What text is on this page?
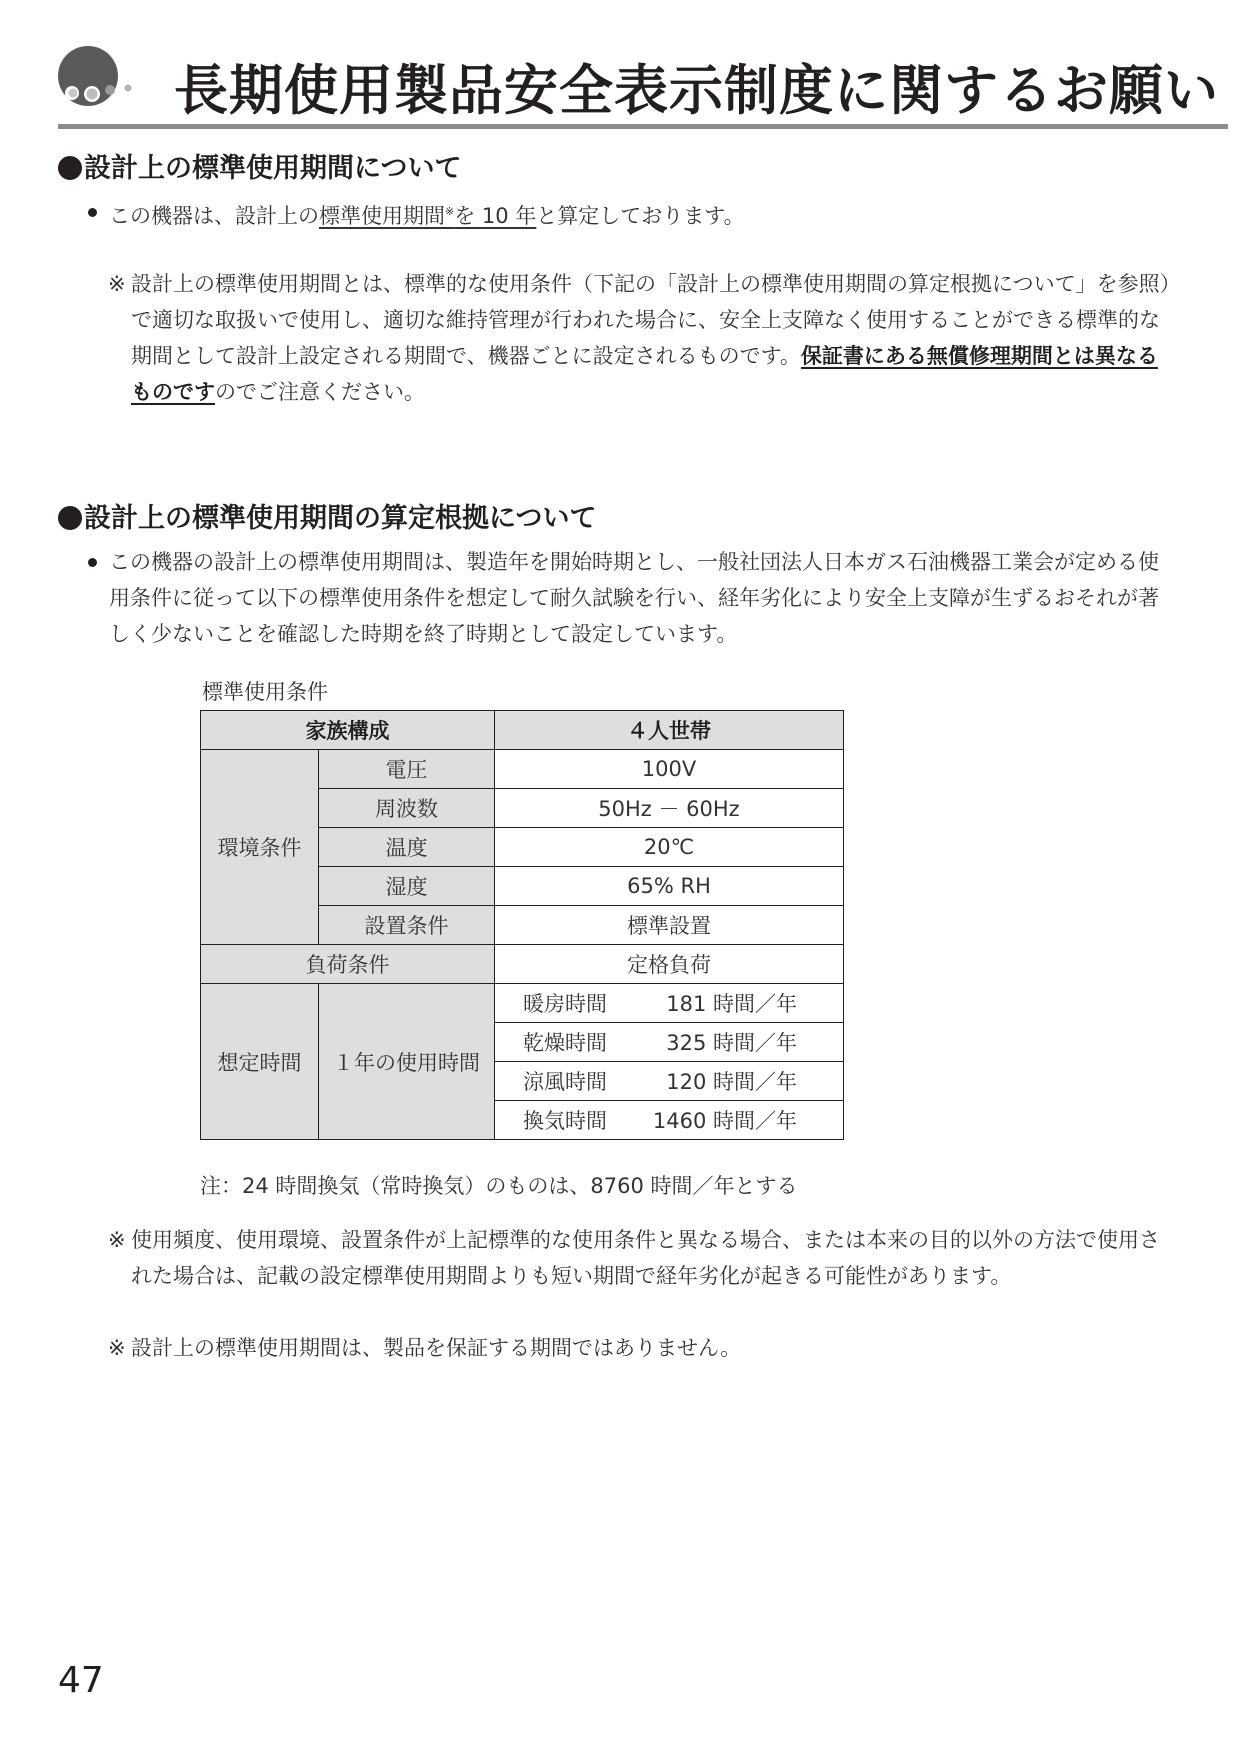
長期使用製品安全表示制度に関するお願い
設計上の標準使用期間について
この機器は、設計上の標準使用期間※を 10 年と算定しております。
※ 設計上の標準使用期間とは、標準的な使用条件（下記の「設計上の標準使用期間の算定根拠について」を参照）で適切な取扱いで使用し、適切な維持管理が行われた場合に、安全上支障なく使用することができる標準的な期間として設計上設定される期間で、機器ごとに設定されるものです。保証書にある無償修理期間とは異なるものですのでご注意ください。
設計上の標準使用期間の算定根拠について
この機器の設計上の標準使用期間は、製造年を開始時期とし、一般社団法人日本ガス石油機器工業会が定める使用条件に従って以下の標準使用条件を想定して耐久試験を行い、経年劣化により安全上支障が生ずるおそれが著しく少ないことを確認した時期を終了時期として設定しています。
標準使用条件
家族構成		４人世帯
環境条件	電圧	100V
	周波数	50Hz － 60Hz
	温度	20℃
	湿度	65% RH
	設置条件	標準設置
負荷条件		定格負荷
想定時間	１年の使用時間	暖房時間 181 時間／年
		乾燥時間 325 時間／年
		涼風時間 120 時間／年
		換気時間 1460 時間／年
注：24 時間換気（常時換気）のものは、8760 時間／年とする
※ 使用頻度、使用環境、設置条件が上記標準的な使用条件と異なる場合、または本来の目的以外の方法で使用された場合は、記載の設定標準使用期間よりも短い期間で経年劣化が起きる可能性があります。
※ 設計上の標準使用期間は、製品を保証する期間ではありません。
47
